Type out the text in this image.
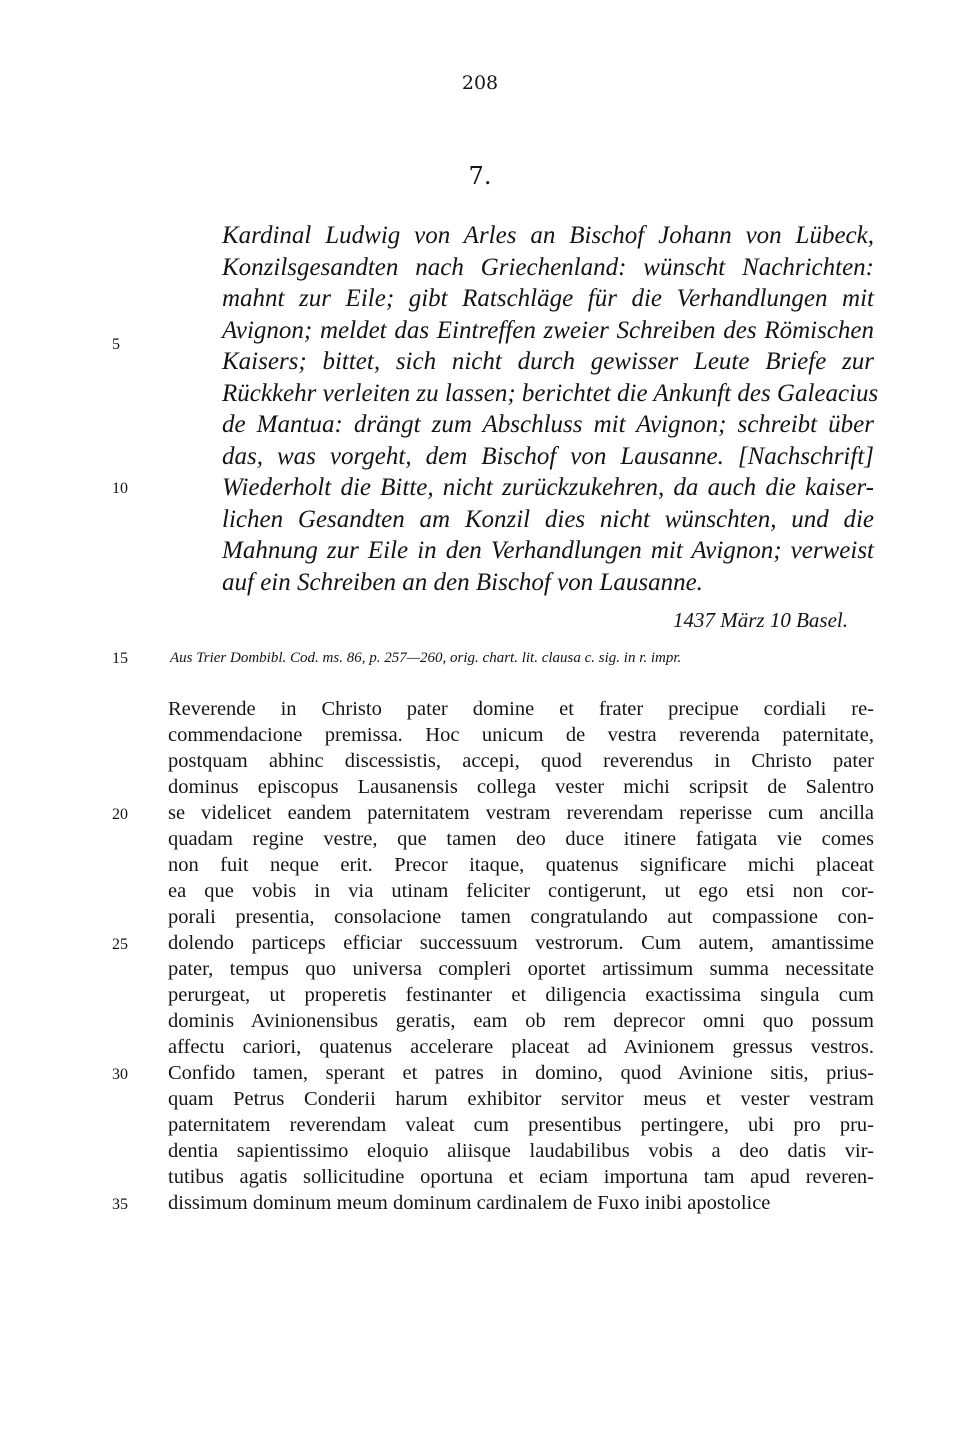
208
7.
Kardinal Ludwig von Arles an Bischof Johann von Lübeck,
Konzilsgesandten nach Griechenland: wünscht Nachrichten:
mahnt zur Eile; gibt Ratschläge für die Verhandlungen mit
Avignon; meldet das Eintreffen zweier Schreiben des Römischen
Kaisers; bittet, sich nicht durch gewisser Leute Briefe zur
Rückkehr verleiten zu lassen; berichtet die Ankunft des Galeacius
de Mantua: drängt zum Abschluss mit Avignon; schreibt über
das, was vorgeht, dem Bischof von Lausanne. [Nachschrift]
Wiederholt die Bitte, nicht zurückzukehren, da auch die kaiser-
lichen Gesandten am Konzil dies nicht wünschten, und die
Mahnung zur Eile in den Verhandlungen mit Avignon; verweist
auf ein Schreiben an den Bischof von Lausanne.
1437 März 10 Basel.
Aus Trier Dombibl. Cod. ms. 86, p. 257—260, orig. chart. lit. clausa c. sig. in r. impr.
Reverende in Christo pater domine et frater precipue cordiali re-
commendacione premissa. Hoc unicum de vestra reverenda paternitate,
postquam abhinc discessistis, accepi, quod reverendus in Christo pater
dominus episcopus Lausanensis collega vester michi scripsit de Salentro
se videlicet eandem paternitatem vestram reverendam reperisse cum ancilla
quadam regine vestre, que tamen deo duce itinere fatigata vie comes
non fuit neque erit. Precor itaque, quatenus significare michi placeat
ea que vobis in via utinam feliciter contigerunt, ut ego etsi non cor-
porali presentia, consolacione tamen congratulando aut compassione con-
dolendo particeps efficiar successuum vestrorum. Cum autem, amantissime
pater, tempus quo universa compleri oportet artissimum summa necessitate
perurgeat, ut properetis festinanter et diligencia exactissima singula cum
dominis Avinionensibus geratis, eam ob rem deprecor omni quo possum
affectu cariori, quatenus accelerare placeat ad Avinionem gressus vestros.
Confido tamen, sperant et patres in domino, quod Avinione sitis, prius-
quam Petrus Conderii harum exhibitor servitor meus et vester vestram
paternitatem reverendam valeat cum presentibus pertingere, ubi pro pru-
dentia sapientissimo eloquio aliisque laudabilibus vobis a deo datis vir-
tutibus agatis sollicitudine oportuna et eciam importuna tam apud reveren-
dissimum dominum meum dominum cardinalem de Fuxo inibi apostolice
5
10
15
20
25
30
35
